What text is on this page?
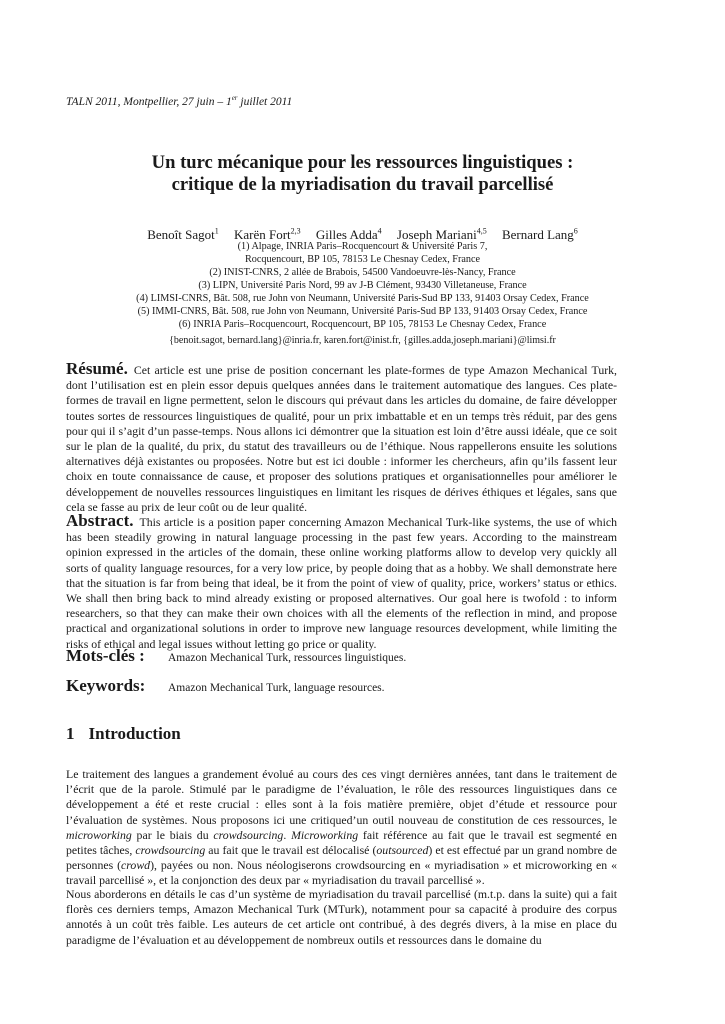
TALN 2011, Montpellier, 27 juin – 1er juillet 2011
Un turc mécanique pour les ressources linguistiques :
critique de la myriadisation du travail parcellisé
Benoît Sagot$^1$ Karën Fort$^{2,3}$ Gilles Adda$^4$ Joseph Mariani$^{4,5}$ Bernard Lang$^6$
(1) Alpage, INRIA Paris–Rocquencourt & Université Paris 7,
Rocquencourt, BP 105, 78153 Le Chesnay Cedex, France
(2) INIST-CNRS, 2 allée de Brabois, 54500 Vandoeuvre-lès-Nancy, France
(3) LIPN, Université Paris Nord, 99 av J-B Clément, 93430 Villetaneuse, France
(4) LIMSI-CNRS, Bât. 508, rue John von Neumann, Université Paris-Sud BP 133, 91403 Orsay Cedex, France
(5) IMMI-CNRS, Bât. 508, rue John von Neumann, Université Paris-Sud BP 133, 91403 Orsay Cedex, France
(6) INRIA Paris–Rocquencourt, Rocquencourt, BP 105, 78153 Le Chesnay Cedex, France
{benoit.sagot, bernard.lang}@inria.fr, karen.fort@inist.fr, {gilles.adda,joseph.mariani}@limsi.fr
Résumé. Cet article est une prise de position concernant les plate-formes de type Amazon Mechanical Turk, dont l’utilisation est en plein essor depuis quelques années dans le traitement automatique des langues. Ces plate-formes de travail en ligne permettent, selon le discours qui prévaut dans les articles du domaine, de faire développer toutes sortes de ressources linguistiques de qualité, pour un prix imbattable et en un temps très réduit, par des gens pour qui il s’agit d’un passe-temps. Nous allons ici démontrer que la situation est loin d’être aussi idéale, que ce soit sur le plan de la qualité, du prix, du statut des travailleurs ou de l’éthique. Nous rappellerons ensuite les solutions alternatives déjà existantes ou proposées. Notre but est ici double : informer les chercheurs, afin qu’ils fassent leur choix en toute connaissance de cause, et proposer des solutions pratiques et organisationnelles pour améliorer le développement de nouvelles ressources linguistiques en limitant les risques de dérives éthiques et légales, sans que cela se fasse au prix de leur coût ou de leur qualité.
Abstract. This article is a position paper concerning Amazon Mechanical Turk-like systems, the use of which has been steadily growing in natural language processing in the past few years. According to the mainstream opinion expressed in the articles of the domain, these online working platforms allow to develop very quickly all sorts of quality language resources, for a very low price, by people doing that as a hobby. We shall demonstrate here that the situation is far from being that ideal, be it from the point of view of quality, price, workers’ status or ethics. We shall then bring back to mind already existing or proposed alternatives. Our goal here is twofold : to inform researchers, so that they can make their own choices with all the elements of the reflection in mind, and propose practical and organizational solutions in order to improve new language resources development, while limiting the risks of ethical and legal issues without letting go price or quality.
Mots-clés : Amazon Mechanical Turk, ressources linguistiques.
Keywords: Amazon Mechanical Turk, language resources.
1 Introduction
Le traitement des langues a grandement évolué au cours des ces vingt dernières années, tant dans le traitement de l’écrit que de la parole. Stimulé par le paradigme de l’évaluation, le rôle des ressources linguistiques dans ce développement a été et reste crucial : elles sont à la fois matière première, objet d’étude et ressource pour l’évaluation de systèmes. Nous proposons ici une critiqued’un outil nouveau de constitution de ces ressources, le microworking par le biais du crowdsourcing. Microworking fait référence au fait que le travail est segmenté en petites tâches, crowdsourcing au fait que le travail est délocalisé (outsourced) et est effectué par un grand nombre de personnes (crowd), payées ou non. Nous néologiserons crowdsourcing en « myriadisation » et microworking en « travail parcellisé », et la conjonction des deux par « myriadisation du travail parcellisé ».
Nous aborderons en détails le cas d’un système de myriadisation du travail parcellisé (m.t.p. dans la suite) qui a fait florès ces derniers temps, Amazon Mechanical Turk (MTurk), notamment pour sa capacité à produire des corpus annotés à un coût très faible. Les auteurs de cet article ont contribué, à des degrés divers, à la mise en place du paradigme de l’évaluation et au développement de nombreux outils et ressources dans le domaine du
